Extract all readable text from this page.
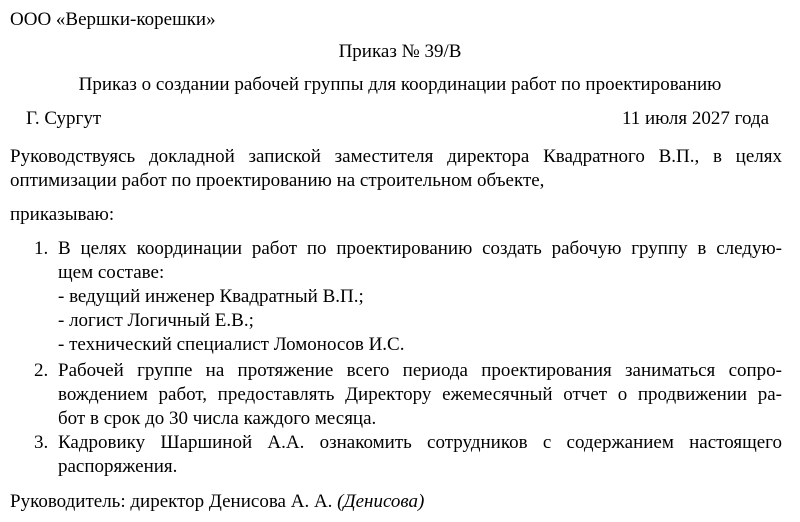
ООО «Вершки-корешки»
Приказ № 39/В
Приказ о создании рабочей группы для координации работ по проектированию
Г. Сургут	11 июля 2027 года
Руководствуясь докладной запиской заместителя директора Квадратного В.П., в целях
оптимизации работ по проектированию на строительном объекте,
приказываю:
1. В целях координации работ по проектированию создать рабочую группу в следую-
щем составе:
- ведущий инженер Квадратный В.П.;
- логист Логичный Е.В.;
- технический специалист Ломоносов И.С.
2. Рабочей группе на протяжение всего периода проектирования заниматься сопро-
вождением работ, предоставлять Директору ежемесячный отчет о продвижении ра-
бот в срок до 30 числа каждого месяца.
3. Кадровику Шаршиной А.А. ознакомить сотрудников с содержанием настоящего
распоряжения.
Руководитель: директор Денисова А. А. (Денисова)
